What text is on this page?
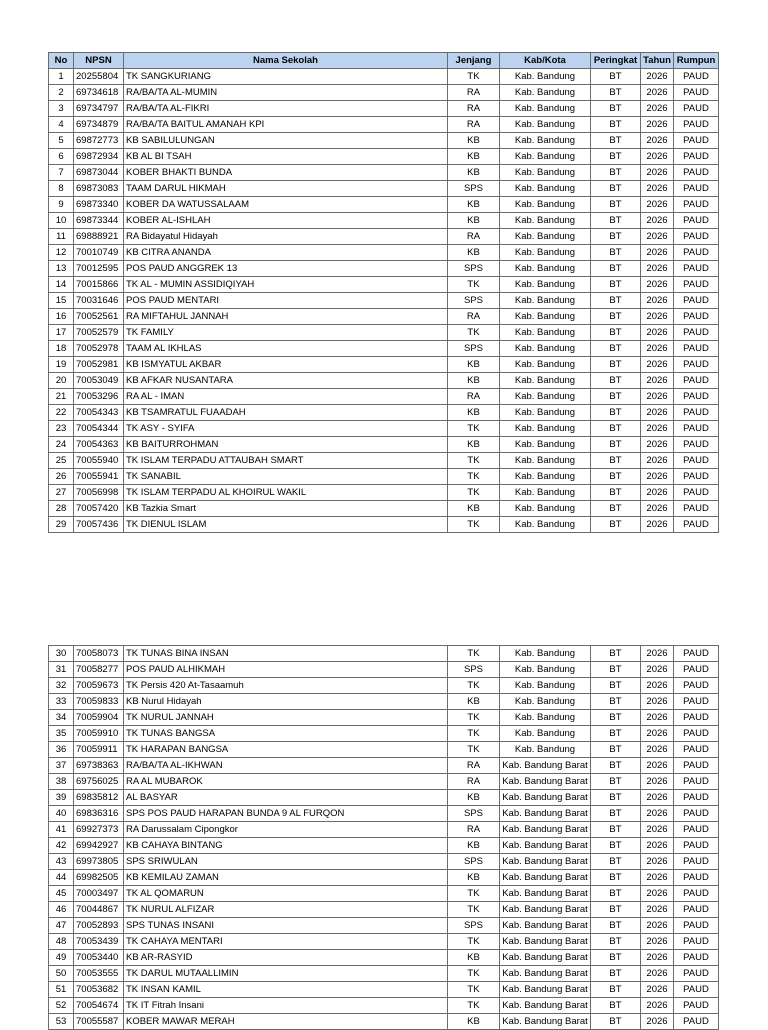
No	NPSN	Nama Sekolah	Jenjang	Kab/Kota	Peringkat	Tahun	Rumpun
1	20255804	TK SANGKURIANG	TK	Kab. Bandung	BT	2026	PAUD
2	69734618	RA/BA/TA AL-MUMIN	RA	Kab. Bandung	BT	2026	PAUD
3	69734797	RA/BA/TA AL-FIKRI	RA	Kab. Bandung	BT	2026	PAUD
4	69734879	RA/BA/TA BAITUL AMANAH KPI	RA	Kab. Bandung	BT	2026	PAUD
5	69872773	KB SABILULUNGAN	KB	Kab. Bandung	BT	2026	PAUD
6	69872934	KB AL BI TSAH	KB	Kab. Bandung	BT	2026	PAUD
7	69873044	KOBER BHAKTI BUNDA	KB	Kab. Bandung	BT	2026	PAUD
8	69873083	TAAM DARUL HIKMAH	SPS	Kab. Bandung	BT	2026	PAUD
9	69873340	KOBER DA WATUSSALAAM	KB	Kab. Bandung	BT	2026	PAUD
10	69873344	KOBER AL-ISHLAH	KB	Kab. Bandung	BT	2026	PAUD
11	69888921	RA Bidayatul Hidayah	RA	Kab. Bandung	BT	2026	PAUD
12	70010749	KB CITRA ANANDA	KB	Kab. Bandung	BT	2026	PAUD
13	70012595	POS PAUD ANGGREK 13	SPS	Kab. Bandung	BT	2026	PAUD
14	70015866	TK AL - MUMIN ASSIDIQIYAH	TK	Kab. Bandung	BT	2026	PAUD
15	70031646	POS PAUD MENTARI	SPS	Kab. Bandung	BT	2026	PAUD
16	70052561	RA MIFTAHUL JANNAH	RA	Kab. Bandung	BT	2026	PAUD
17	70052579	TK FAMILY	TK	Kab. Bandung	BT	2026	PAUD
18	70052978	TAAM AL IKHLAS	SPS	Kab. Bandung	BT	2026	PAUD
19	70052981	KB ISMYATUL AKBAR	KB	Kab. Bandung	BT	2026	PAUD
20	70053049	KB AFKAR NUSANTARA	KB	Kab. Bandung	BT	2026	PAUD
21	70053296	RA AL - IMAN	RA	Kab. Bandung	BT	2026	PAUD
22	70054343	KB TSAMRATUL FUAADAH	KB	Kab. Bandung	BT	2026	PAUD
23	70054344	TK ASY - SYIFA	TK	Kab. Bandung	BT	2026	PAUD
24	70054363	KB BAITURROHMAN	KB	Kab. Bandung	BT	2026	PAUD
25	70055940	TK ISLAM TERPADU ATTAUBAH SMART	TK	Kab. Bandung	BT	2026	PAUD
26	70055941	TK SANABIL	TK	Kab. Bandung	BT	2026	PAUD
27	70056998	TK ISLAM TERPADU AL KHOIRUL WAKIL	TK	Kab. Bandung	BT	2026	PAUD
28	70057420	KB Tazkia Smart	KB	Kab. Bandung	BT	2026	PAUD
29	70057436	TK DIENUL ISLAM	TK	Kab. Bandung	BT	2026	PAUD
30	70058073	TK TUNAS BINA INSAN	TK	Kab. Bandung	BT	2026	PAUD
31	70058277	POS PAUD ALHIKMAH	SPS	Kab. Bandung	BT	2026	PAUD
32	70059673	TK Persis 420 At-Tasaamuh	TK	Kab. Bandung	BT	2026	PAUD
33	70059833	KB Nurul Hidayah	KB	Kab. Bandung	BT	2026	PAUD
34	70059904	TK NURUL JANNAH	TK	Kab. Bandung	BT	2026	PAUD
35	70059910	TK TUNAS BANGSA	TK	Kab. Bandung	BT	2026	PAUD
36	70059911	TK HARAPAN BANGSA	TK	Kab. Bandung	BT	2026	PAUD
37	69738363	RA/BA/TA AL-IKHWAN	RA	Kab. Bandung Barat	BT	2026	PAUD
38	69756025	RA AL MUBAROK	RA	Kab. Bandung Barat	BT	2026	PAUD
39	69835812	AL BASYAR	KB	Kab. Bandung Barat	BT	2026	PAUD
40	69836316	SPS POS PAUD HARAPAN BUNDA 9 AL FURQON	SPS	Kab. Bandung Barat	BT	2026	PAUD
41	69927373	RA Darussalam Cipongkor	RA	Kab. Bandung Barat	BT	2026	PAUD
42	69942927	KB CAHAYA BINTANG	KB	Kab. Bandung Barat	BT	2026	PAUD
43	69973805	SPS SRIWULAN	SPS	Kab. Bandung Barat	BT	2026	PAUD
44	69982505	KB KEMILAU ZAMAN	KB	Kab. Bandung Barat	BT	2026	PAUD
45	70003497	TK AL QOMARUN	TK	Kab. Bandung Barat	BT	2026	PAUD
46	70044867	TK NURUL ALFIZAR	TK	Kab. Bandung Barat	BT	2026	PAUD
47	70052893	SPS TUNAS INSANI	SPS	Kab. Bandung Barat	BT	2026	PAUD
48	70053439	TK CAHAYA MENTARI	TK	Kab. Bandung Barat	BT	2026	PAUD
49	70053440	KB AR-RASYID	KB	Kab. Bandung Barat	BT	2026	PAUD
50	70053555	TK DARUL MUTAALLIMIN	TK	Kab. Bandung Barat	BT	2026	PAUD
51	70053682	TK INSAN KAMIL	TK	Kab. Bandung Barat	BT	2026	PAUD
52	70054674	TK IT Fitrah Insani	TK	Kab. Bandung Barat	BT	2026	PAUD
53	70055587	KOBER MAWAR MERAH	KB	Kab. Bandung Barat	BT	2026	PAUD
